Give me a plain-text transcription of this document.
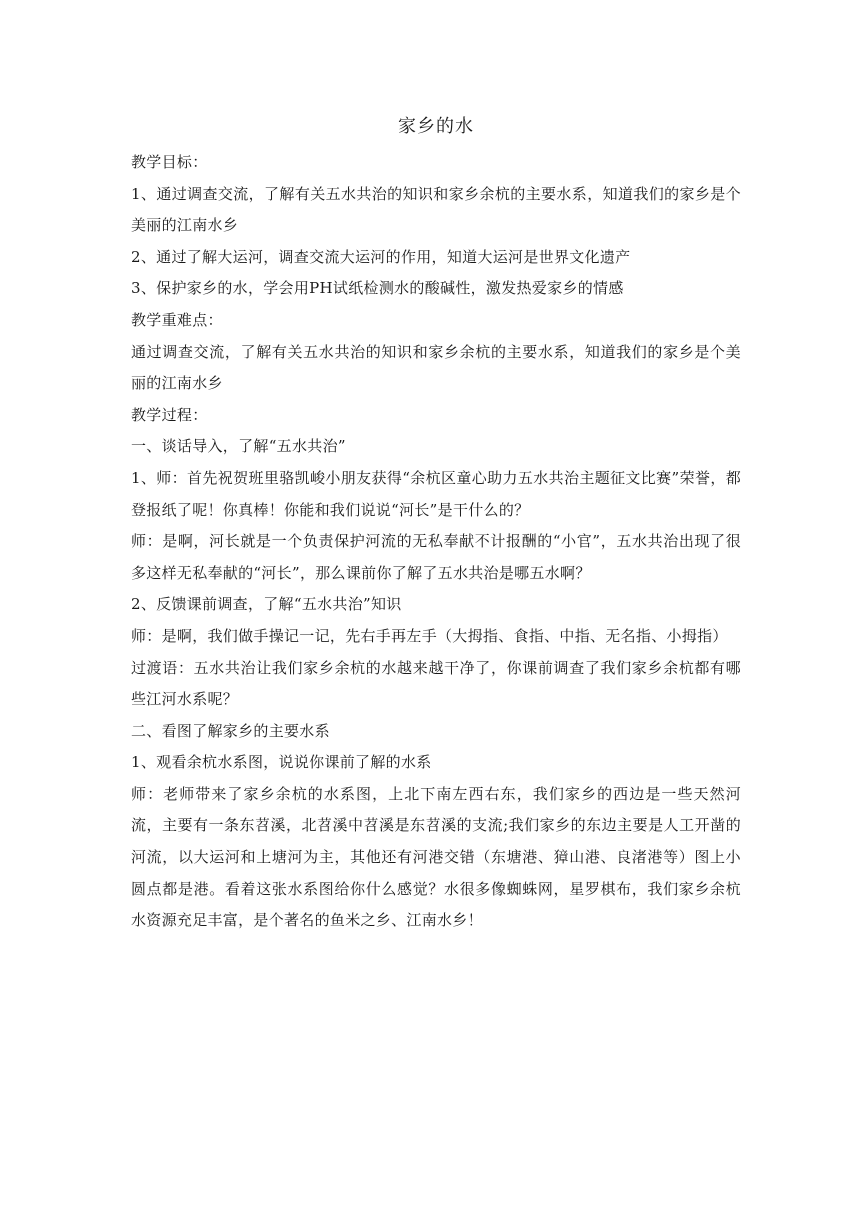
家乡的水

教学目标：

1、通过调查交流，了解有关五水共治的知识和家乡余杭的主要水系，知道我们的家乡是个美丽的江南水乡

2、通过了解大运河，调查交流大运河的作用，知道大运河是世界文化遗产

3、保护家乡的水，学会用PH试纸检测水的酸碱性，激发热爱家乡的情感

教学重难点：

通过调查交流，了解有关五水共治的知识和家乡余杭的主要水系，知道我们的家乡是个美丽的江南水乡

教学过程：

一、谈话导入，了解“五水共治”

1、师：首先祝贺班里骆凯峻小朋友获得“余杭区童心助力五水共治主题征文比赛”荣誉，都登报纸了呢！你真棒！你能和我们说说“河长”是干什么的？

师：是啊，河长就是一个负责保护河流的无私奉献不计报酬的“小官”，五水共治出现了很多这样无私奉献的“河长”，那么课前你了解了五水共治是哪五水啊？

2、反馈课前调查，了解“五水共治”知识

师：是啊，我们做手操记一记，先右手再左手（大拇指、食指、中指、无名指、小拇指）

过渡语：五水共治让我们家乡余杭的水越来越干净了，你课前调查了我们家乡余杭都有哪些江河水系呢？

二、看图了解家乡的主要水系

1、观看余杭水系图，说说你课前了解的水系

师：老师带来了家乡余杭的水系图，上北下南左西右东，我们家乡的西边是一些天然河流，主要有一条东苕溪，北苕溪中苕溪是东苕溪的支流;我们家乡的东边主要是人工开凿的河流，以大运河和上塘河为主，其他还有河港交错（东塘港、獐山港、良渚港等）图上小圆点都是港。看着这张水系图给你什么感觉？水很多像蜘蛛网，星罗棋布，我们家乡余杭水资源充足丰富，是个著名的鱼米之乡、江南水乡！
